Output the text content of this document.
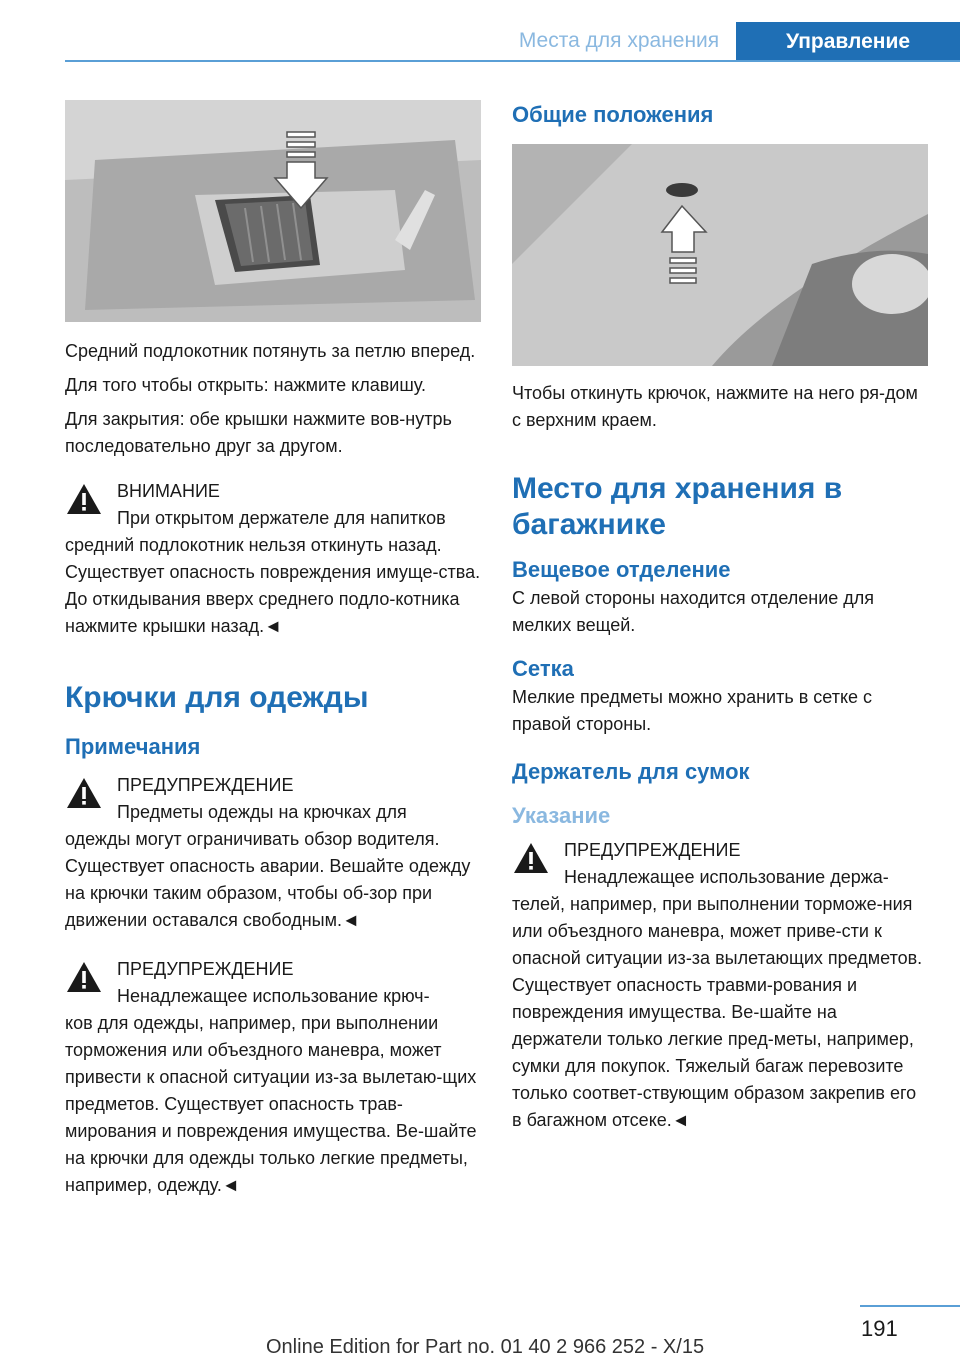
Места для хранения	Управление

Средний подлокотник потянуть за петлю вперед.

Для того чтобы открыть: нажмите клавишу.

Для закрытия: обе крышки нажмите вов-нутрь последовательно друг за другом.

ВНИМАНИЕ

При открытом держателе для напитков

средний подлокотник нельзя откинуть назад. Существует опасность повреждения имуще-ства. До откидывания вверх среднего подло-котника нажмите крышки назад.◄

Крючки для одежды
Примечания

ПРЕДУПРЕЖДЕНИЕ

Предметы одежды на крючках для

одежды могут ограничивать обзор водителя. Существует опасность аварии. Вешайте одежду на крючки таким образом, чтобы об-зор при движении оставался свободным.◄

ПРЕДУПРЕЖДЕНИЕ

Ненадлежащее использование крюч-

ков для одежды, например, при выполнении торможения или объездного маневра, может привести к опасной ситуации из-за вылетаю-щих предметов. Существует опасность трав-мирования и повреждения имущества. Ве-шайте на крючки для одежды только легкие предметы, например, одежду.◄

Общие положения

Чтобы откинуть крючок, нажмите на него ря-дом с верхним краем.

Место для хранения в багажнике
Вещевое отделение

С левой стороны находится отделение для мелких вещей.

Сетка

Мелкие предметы можно хранить в сетке с правой стороны.

Держатель для сумок
Указание

ПРЕДУПРЕЖДЕНИЕ

Ненадлежащее использование держа-

телей, например, при выполнении торможе-ния или объездного маневра, может приве-сти к опасной ситуации из-за вылетающих предметов. Существует опасность травми-рования и повреждения имущества. Ве-шайте на держатели только легкие пред-меты, например, сумки для покупок. Тяжелый багаж перевозите только соответ-ствующим образом закрепив его в багажном отсеке.◄

191
Online Edition for Part no. 01 40 2 966 252 - X/15
